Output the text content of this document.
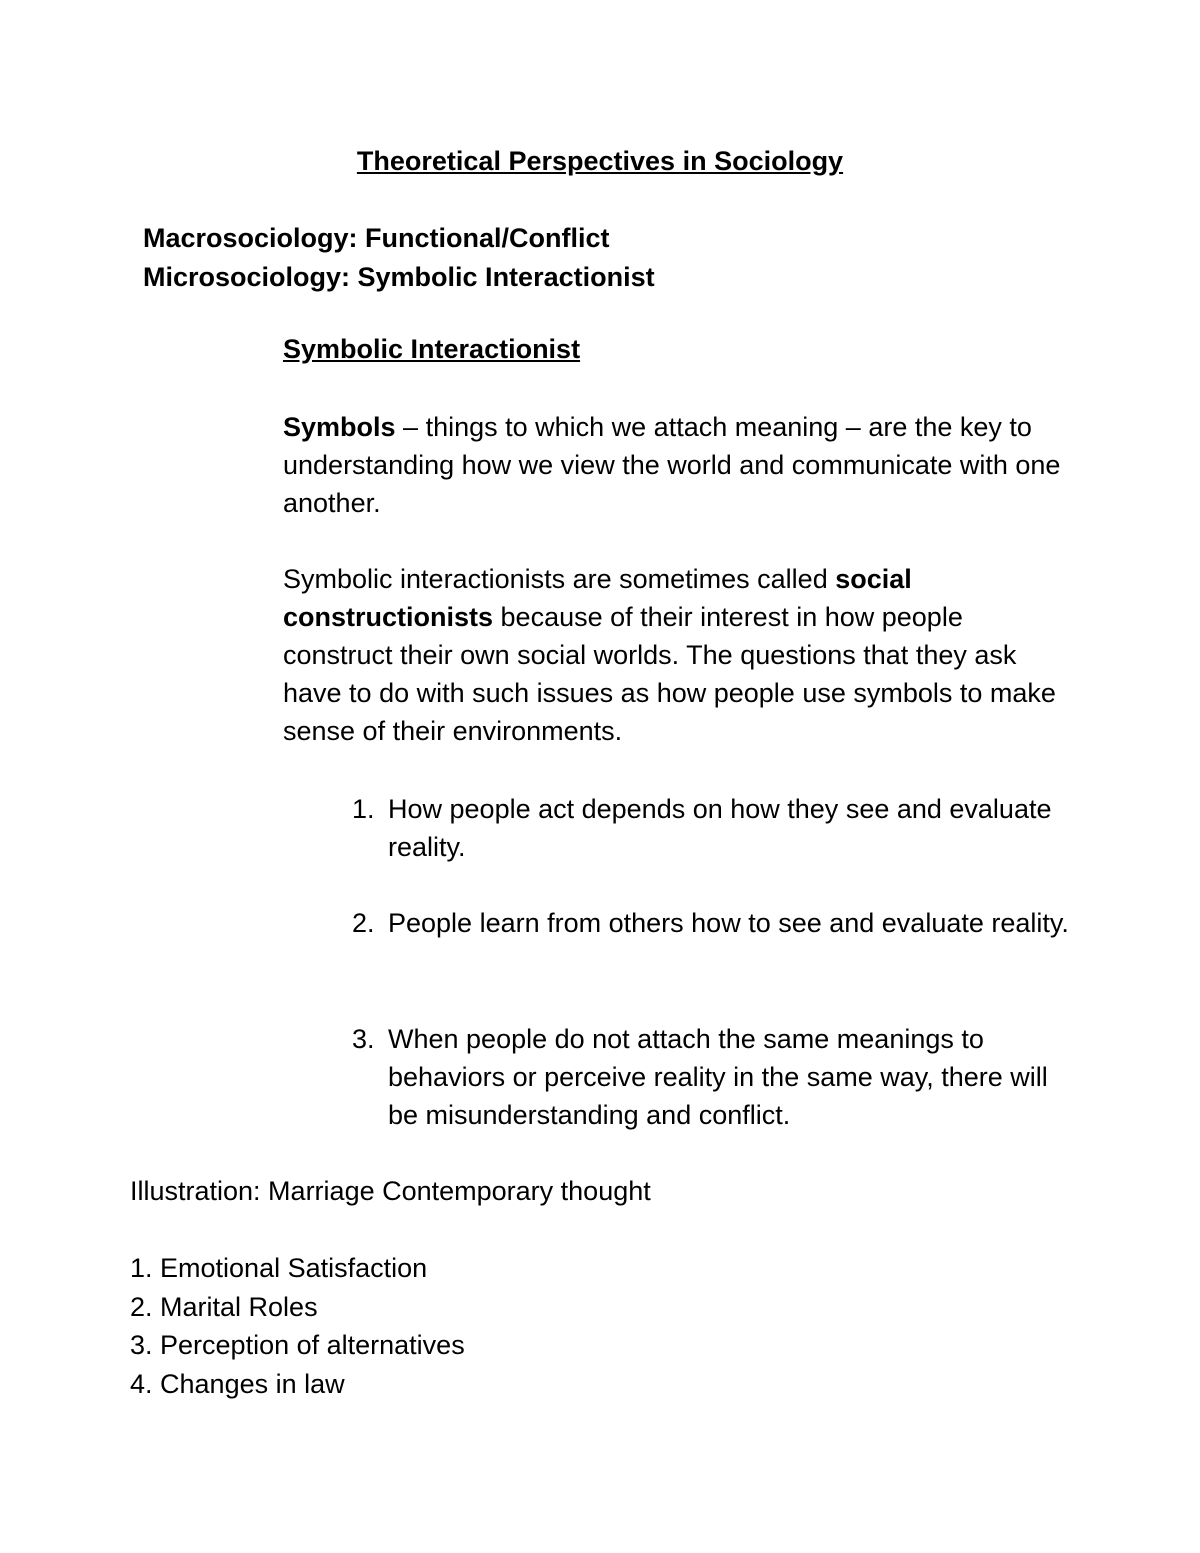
Theoretical Perspectives in Sociology
Macrosociology: Functional/Conflict
Microsociology: Symbolic Interactionist
Symbolic Interactionist
Symbols – things to which we attach meaning – are the key to understanding how we view the world and communicate with one another.
Symbolic interactionists are sometimes called social constructionists because of their interest in how people construct their own social worlds. The questions that they ask have to do with such issues as how people use symbols to make sense of their environments.
1. How people act depends on how they see and evaluate reality.
2. People learn from others how to see and evaluate reality.
3. When people do not attach the same meanings to behaviors or perceive reality in the same way, there will be misunderstanding and conflict.
Illustration: Marriage Contemporary thought
1. Emotional Satisfaction
2. Marital Roles
3. Perception of alternatives
4. Changes in law
